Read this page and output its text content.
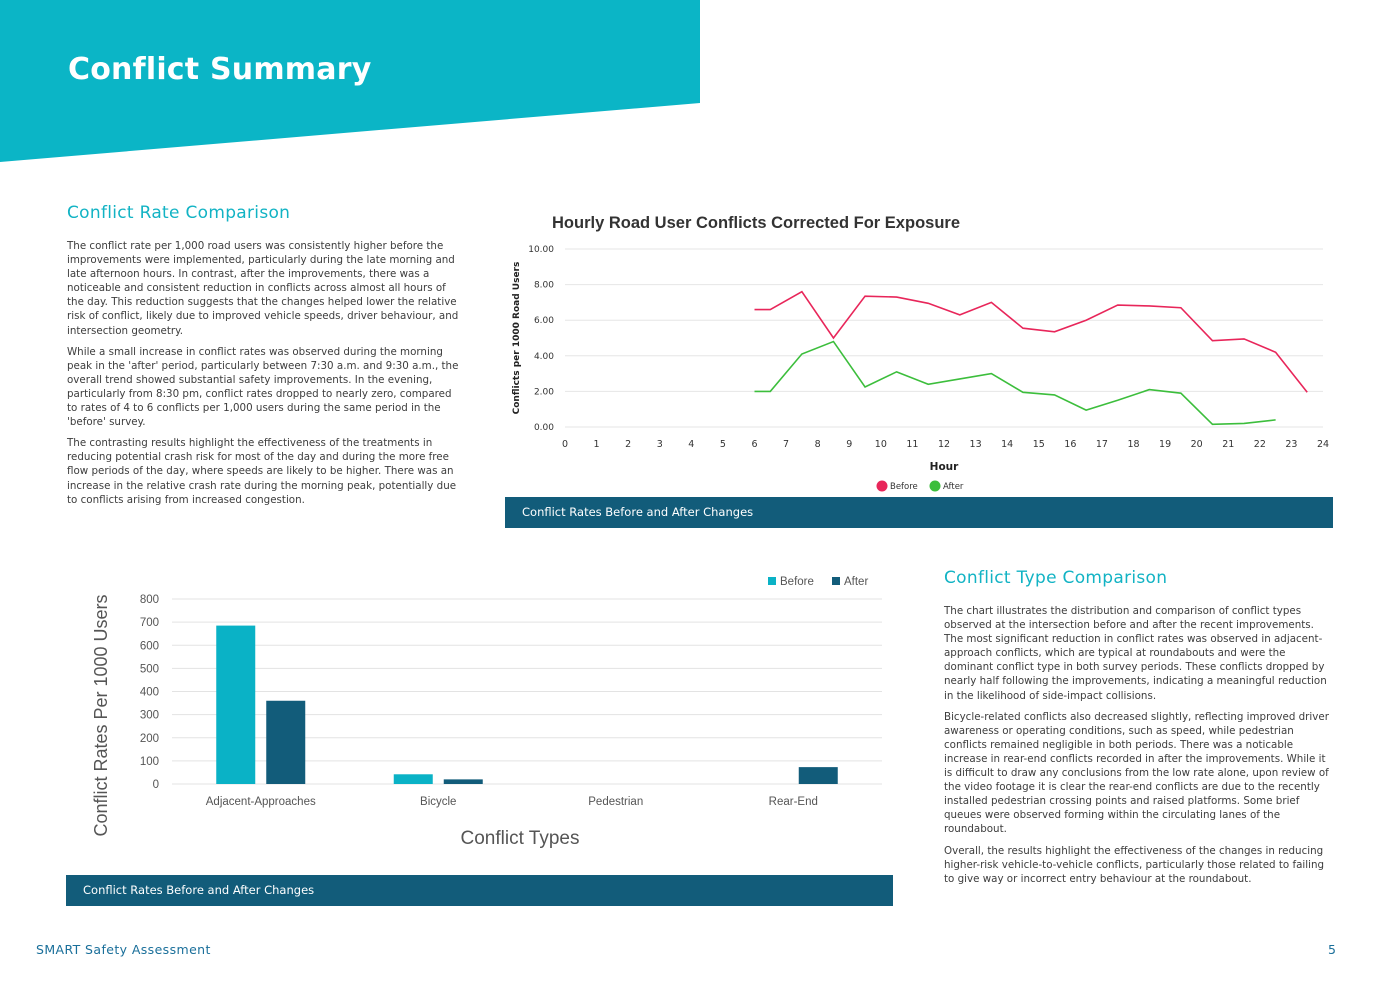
Conflict Summary
Conflict Rate Comparison

The conflict rate per 1,000 road users was consistently higher before the improvements were implemented, particularly during the late morning and late afternoon hours. In contrast, after the improvements, there was a noticeable and consistent reduction in conflicts across almost all hours of the day. This reduction suggests that the changes helped lower the relative risk of conflict, likely due to improved vehicle speeds, driver behaviour, and intersection geometry.

While a small increase in conflict rates was observed during the morning peak in the 'after' period, particularly between 7:30 a.m. and 9:30 a.m., the overall trend showed substantial safety improvements. In the evening, particularly from 8:30 pm, conflict rates dropped to nearly zero, compared to rates of 4 to 6 conflicts per 1,000 users during the same period in the 'before' survey.

The contrasting results highlight the effectiveness of the treatments in reducing potential crash risk for most of the day and during the more free flow periods of the day, where speeds are likely to be higher. There was an increase in the relative crash rate during the morning peak, potentially due to conflicts arising from increased congestion.

Hourly Road User Conflicts Corrected For Exposure
0.00
2.00
4.00
6.00
8.00
10.00
0	1	2	3	4	5	6	7	8	9 10 11 12 13 14 15 16 17 18 19 20 21 22 23 24
Hour
Conflicts per 1000 Road Users
Before	After
Conflict Rates Before and After Changes
0
100
200
300
400
500
600
700
800
Adjacent-Approaches	Bicycle	Pedestrian	Rear-End
Conflict Types
Conflict Rates Per 1000 Users
Before	After
Conflict Rates Before and After Changes
Conflict Type Comparison

The chart illustrates the distribution and comparison of conflict types observed at the intersection before and after the recent improvements. The most significant reduction in conflict rates was observed in adjacent-approach conflicts, which are typical at roundabouts and were the dominant conflict type in both survey periods. These conflicts dropped by nearly half following the improvements, indicating a meaningful reduction in the likelihood of side-impact collisions.

Bicycle-related conflicts also decreased slightly, reflecting improved driver awareness or operating conditions, such as speed, while pedestrian conflicts remained negligible in both periods. There was a noticable increase in rear-end conflicts recorded in after the improvements. While it is difficult to draw any conclusions from the low rate alone, upon review of the video footage it is clear the rear-end conflicts are due to the recently installed pedestrian crossing points and raised platforms. Some brief queues were observed forming within the circulating lanes of the roundabout.

Overall, the results highlight the effectiveness of the changes in reducing higher-risk vehicle-to-vehicle conflicts, particularly those related to failing to give way or incorrect entry behaviour at the roundabout.

SMART Safety Assessment	5
